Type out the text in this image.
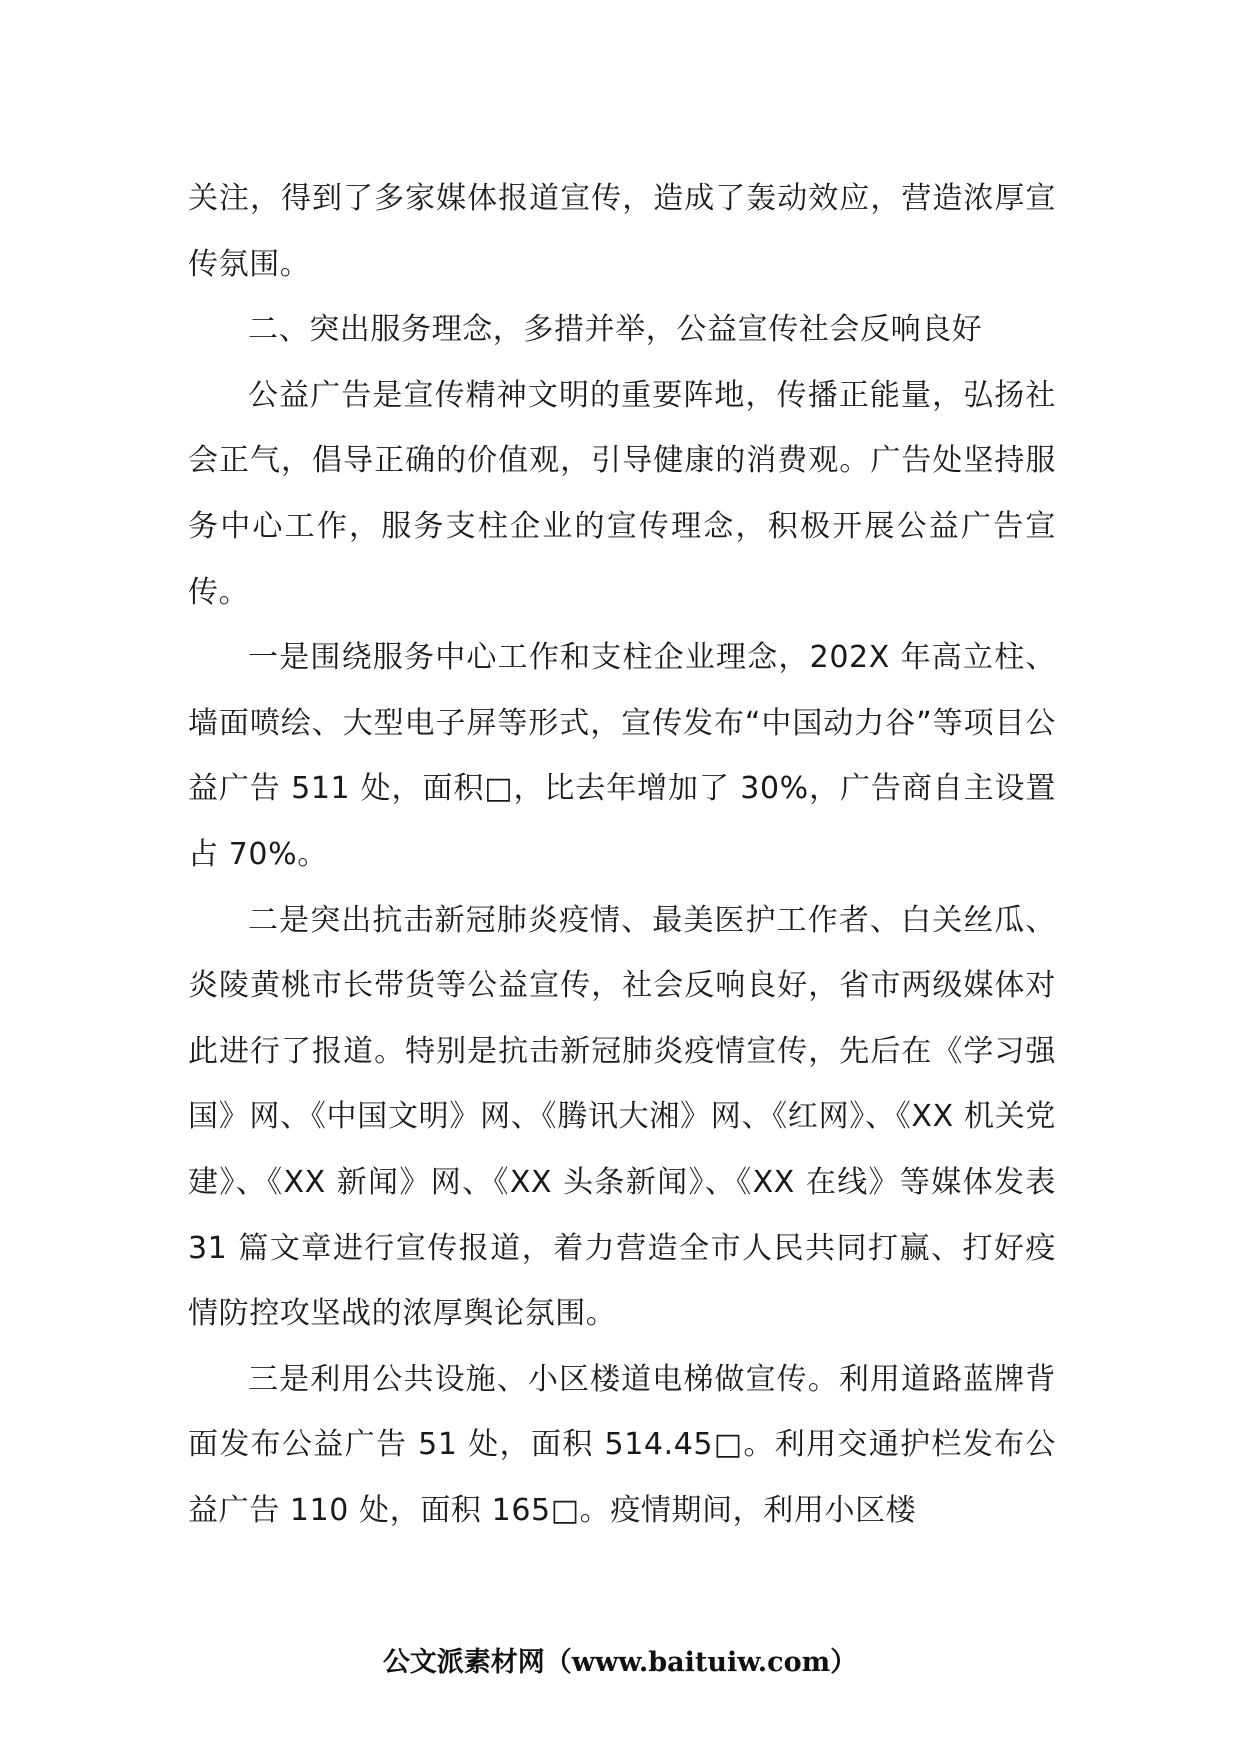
关注，得到了多家媒体报道宣传，造成了轰动效应，营造浓厚宣传氛围。

二、突出服务理念，多措并举，公益宣传社会反响良好

公益广告是宣传精神文明的重要阵地，传播正能量，弘扬社会正气，倡导正确的价值观，引导健康的消费观。广告处坚持服务中心工作，服务支柱企业的宣传理念，积极开展公益广告宣传。

一是围绕服务中心工作和支柱企业理念，202X 年高立柱、墙面喷绘、大型电子屏等形式，宣传发布“中国动力谷”等项目公益广告 511 处，面积□，比去年增加了 30%，广告商自主设置占 70%。

二是突出抗击新冠肺炎疫情、最美医护工作者、白关丝瓜、炎陵黄桃市长带货等公益宣传，社会反响良好，省市两级媒体对此进行了报道。特别是抗击新冠肺炎疫情宣传，先后在《学习强国》网、《中国文明》网、《腾讯大湘》网、《红网》、《XX 机关党建》、《XX 新闻》网、《XX 头条新闻》、《XX 在线》等媒体发表 31 篇文章进行宣传报道，着力营造全市人民共同打赢、打好疫情防控攻坚战的浓厚舆论氛围。

三是利用公共设施、小区楼道电梯做宣传。利用道路蓝牌背面发布公益广告 51 处，面积 514.45□。利用交通护栏发布公益广告 110 处，面积 165□。疫情期间，利用小区楼

公文派素材网（www.baituiw.com）
